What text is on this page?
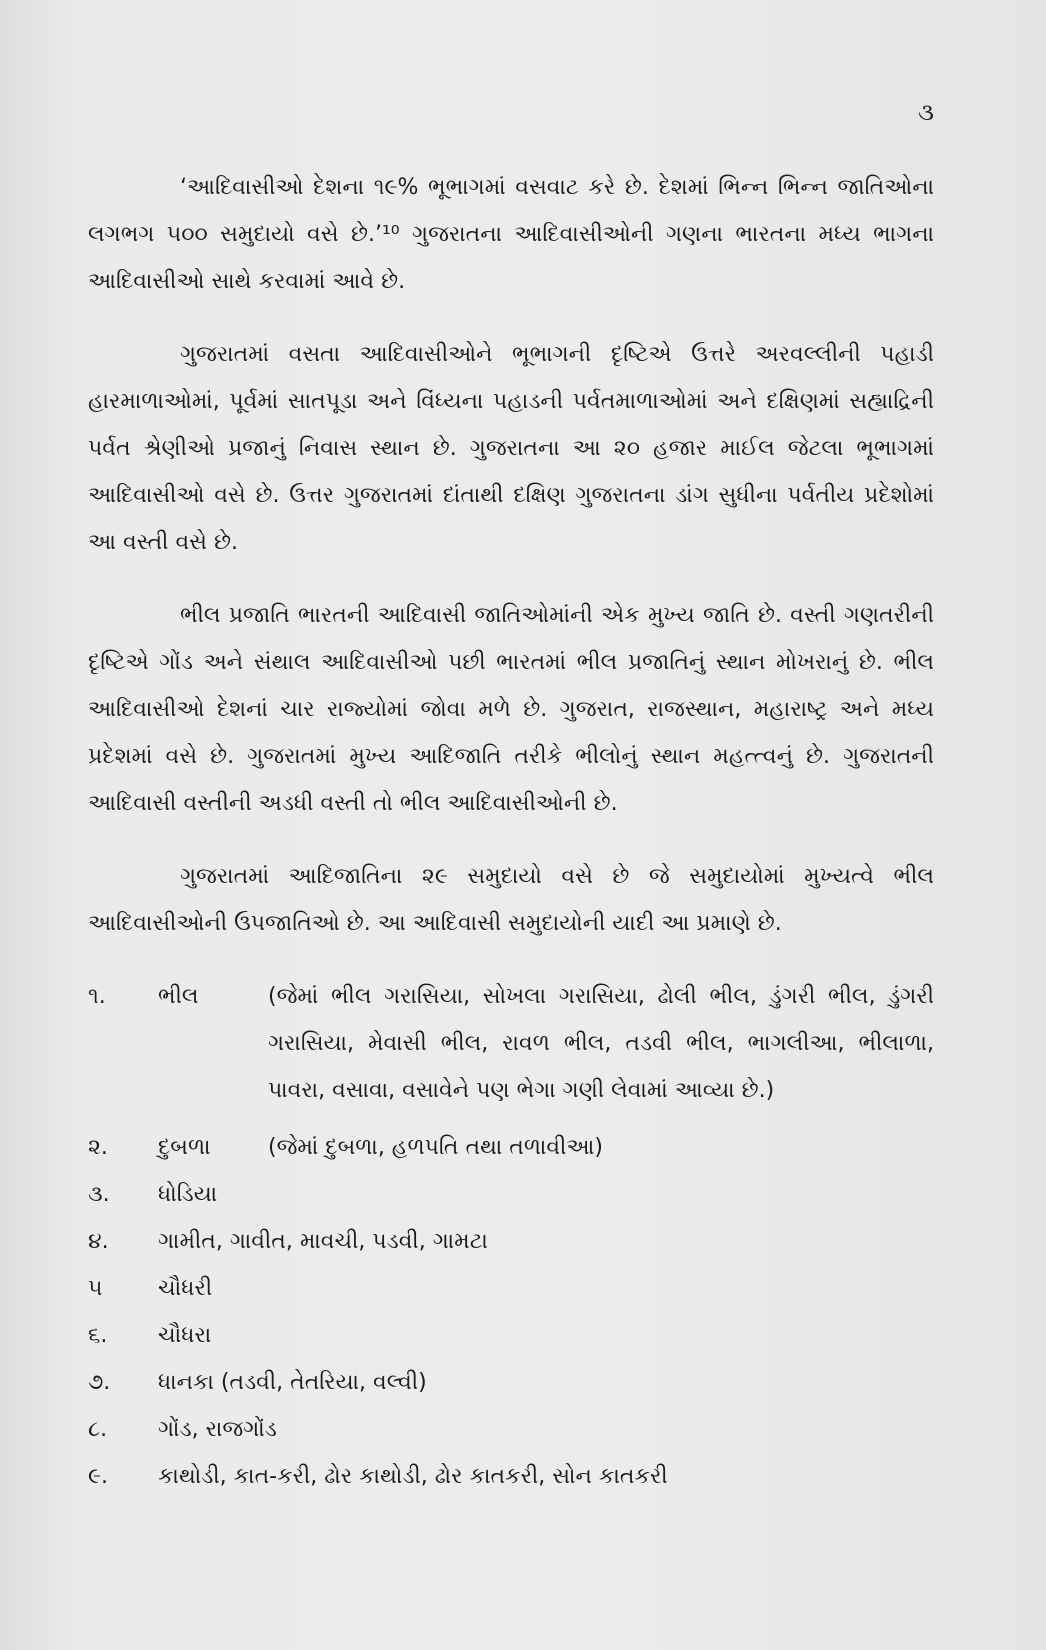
૩

‘આદિવાસીઓ દેશના ૧૯% ભૂભાગમાં વસવાટ કરે છે. દેશમાં ભિન્ન ભિન્ન જાતિઓના લગભગ ૫૦૦ સમુદાયો વસે છે.’¹⁰ ગુજરાતના આદિવાસીઓની ગણના ભારતના મધ્ય ભાગના આદિવાસીઓ સાથે કરવામાં આવે છે.

ગુજરાતમાં વસતા આદિવાસીઓને ભૂભાગની દૃષ્ટિએ ઉત્તરે અરવલ્લીની પહાડી હારમાળાઓમાં, પૂર્વમાં સાતપૂડા અને વિંધ્યના પહાડની પર્વતમાળાઓમાં અને દક્ષિણમાં સહ્યાદ્રિની પર્વત શ્રેણીઓ પ્રજાનું નિવાસ સ્થાન છે. ગુજરાતના આ ૨૦ હજાર માઈલ જેટલા ભૂભાગમાં આદિવાસીઓ વસે છે. ઉત્તર ગુજરાતમાં દાંતાથી દક્ષિણ ગુજરાતના ડાંગ સુધીના પર્વતીય પ્રદેશોમાં આ વસ્તી વસે છે.

ભીલ પ્રજાતિ ભારતની આદિવાસી જાતિઓમાંની એક મુખ્ય જાતિ છે. વસ્તી ગણતરીની દૃષ્ટિએ ગોંડ અને સંથાલ આદિવાસીઓ પછી ભારતમાં ભીલ પ્રજાતિનું સ્થાન મોખરાનું છે. ભીલ આદિવાસીઓ દેશનાં ચાર રાજ્યોમાં જોવા મળે છે. ગુજરાત, રાજસ્થાન, મહારાષ્ટ્ર અને મધ્ય પ્રદેશમાં વસે છે. ગુજરાતમાં મુખ્ય આદિજાતિ તરીકે ભીલોનું સ્થાન મહત્ત્વનું છે. ગુજરાતની આદિવાસી વસ્તીની અડધી વસ્તી તો ભીલ આદિવાસીઓની છે.

ગુજરાતમાં આદિજાતિના ૨૯ સમુદાયો વસે છે જે સમુદાયોમાં મુખ્યત્વે ભીલ આદિવાસીઓની ઉપજાતિઓ છે. આ આદિવાસી સમુદાયોની યાદી આ પ્રમાણે છે.

૧.	ભીલ	(જેમાં ભીલ ગરાસિયા, સોખલા ગરાસિયા, ઢોલી ભીલ, ડુંગરી ભીલ, ડુંગરી ગરાસિયા, મેવાસી ભીલ, રાવળ ભીલ, તડવી ભીલ, ભાગલીઆ, ભીલાળા, પાવરા, વસાવા, વસાવેને પણ ભેગા ગણી લેવામાં આવ્યા છે.)
૨.	દુબળા	(જેમાં દુબળા, હળપતિ તથા તળાવીઆ)
૩.	ધોડિયા
૪.	ગામીત, ગાવીત, માવચી, પડવી, ગામટા
૫	ચૌધરી
૬.	ચૌધરા
૭.	ધાનકા (તડવી, તેતરિયા, વલ્વી)
૮.	ગોંડ, રાજગોંડ
૯.	કાથોડી, કાત-કરી, ઢોર કાથોડી, ઢોર કાતકરી, સોન કાતકરી
